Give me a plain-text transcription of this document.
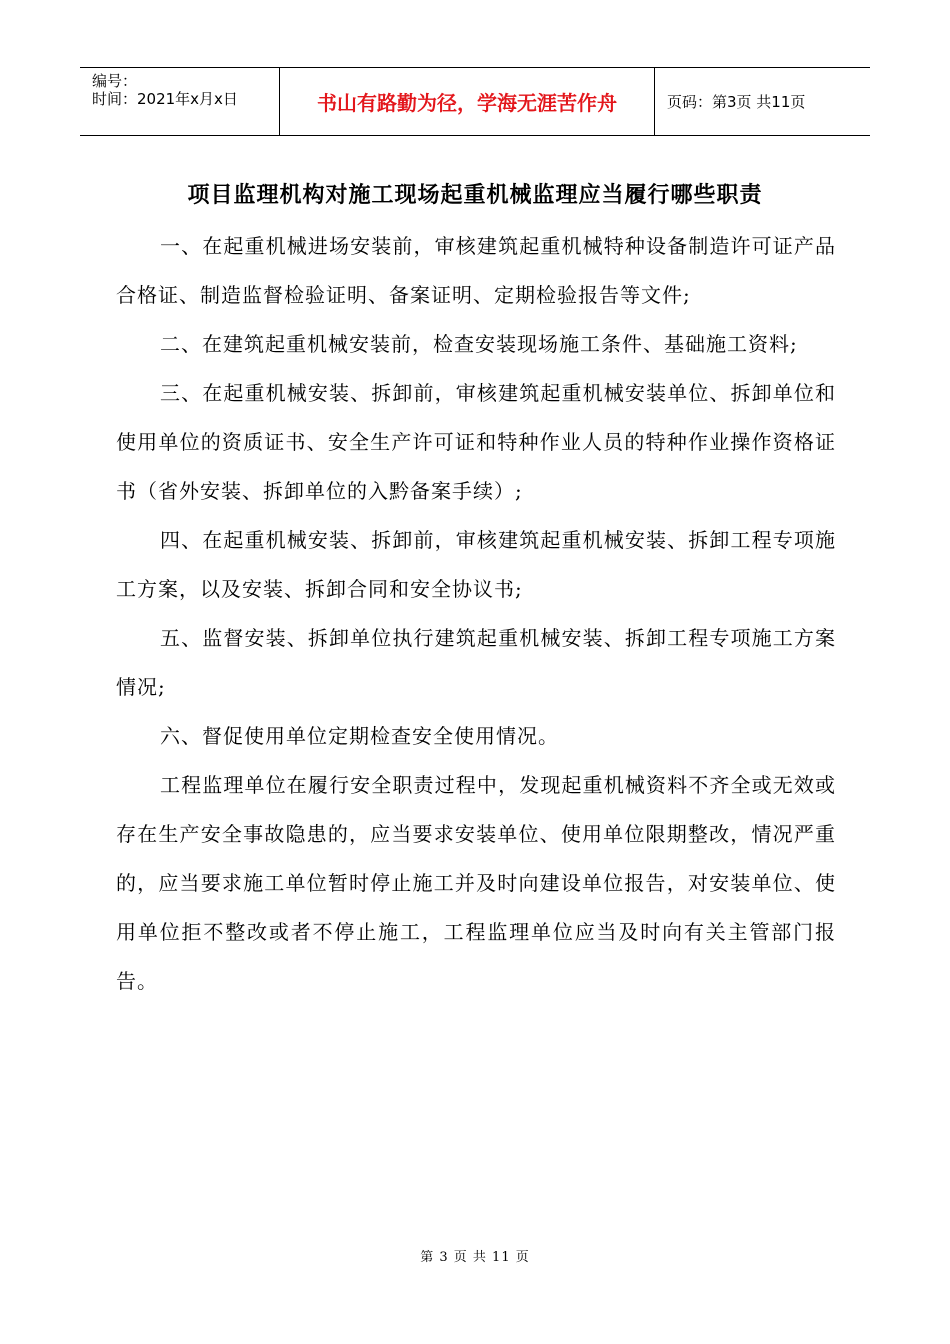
编号：
时间：2021年x月x日	书山有路勤为径，学海无涯苦作舟	页码：第3页 共11页
项目监理机构对施工现场起重机械监理应当履行哪些职责

一、在起重机械进场安装前，审核建筑起重机械特种设备制造许可证产品合格证、制造监督检验证明、备案证明、定期检验报告等文件;

二、在建筑起重机械安装前，检查安装现场施工条件、基础施工资料;

三、在起重机械安装、拆卸前，审核建筑起重机械安装单位、拆卸单位和使用单位的资质证书、安全生产许可证和特种作业人员的特种作业操作资格证书（省外安装、拆卸单位的入黔备案手续）;

四、在起重机械安装、拆卸前，审核建筑起重机械安装、拆卸工程专项施工方案，以及安装、拆卸合同和安全协议书;

五、监督安装、拆卸单位执行建筑起重机械安装、拆卸工程专项施工方案情况;

六、督促使用单位定期检查安全使用情况。

工程监理单位在履行安全职责过程中，发现起重机械资料不齐全或无效或存在生产安全事故隐患的，应当要求安装单位、使用单位限期整改，情况严重的，应当要求施工单位暂时停止施工并及时向建设单位报告，对安装单位、使用单位拒不整改或者不停止施工，工程监理单位应当及时向有关主管部门报告。

第 3 页 共 11 页
